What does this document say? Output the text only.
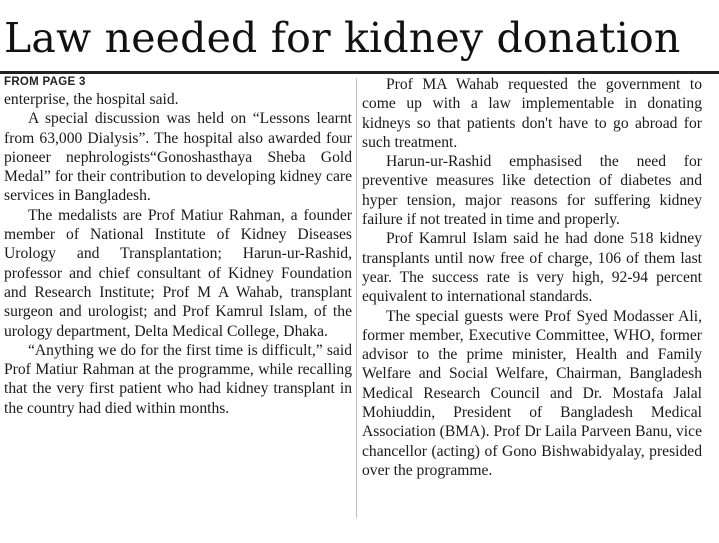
Law needed for kidney donation
FROM PAGE 3

enterprise, the hospital said.

A special discussion was held on “Lessons learnt from 63,000 Dialysis”. The hospital also awarded four pioneer nephrologists“Gonoshasthaya Sheba Gold Medal” for their contribution to developing kidney care services in Bangladesh.

The medalists are Prof Matiur Rahman, a founder member of National Institute of Kidney Diseases Urology and Transplantation; Harun-ur-Rashid, professor and chief consultant of Kidney Foundation and Research Institute; Prof M A Wahab, transplant surgeon and urologist; and Prof Kamrul Islam, of the urology department, Delta Medical College, Dhaka.

“Anything we do for the first time is difficult,” said Prof Matiur Rahman at the programme, while recalling that the very first patient who had kidney transplant in the country had died within months.

Prof MA Wahab requested the government to come up with a law implementable in donating kidneys so that patients don't have to go abroad for such treatment.

Harun-ur-Rashid emphasised the need for preventive measures like detection of diabetes and hyper tension, major reasons for suffering kidney failure if not treated in time and properly.

Prof Kamrul Islam said he had done 518 kidney transplants until now free of charge, 106 of them last year. The success rate is very high, 92-94 percent equivalent to international standards.

The special guests were Prof Syed Modasser Ali, former member, Executive Committee, WHO, former advisor to the prime minister, Health and Family Welfare and Social Welfare, Chairman, Bangladesh Medical Research Council and Dr. Mostafa Jalal Mohiuddin, President of Bangladesh Medical Association (BMA). Prof Dr Laila Parveen Banu, vice chancellor (acting) of Gono Bishwabidyalay, presided over the programme.
